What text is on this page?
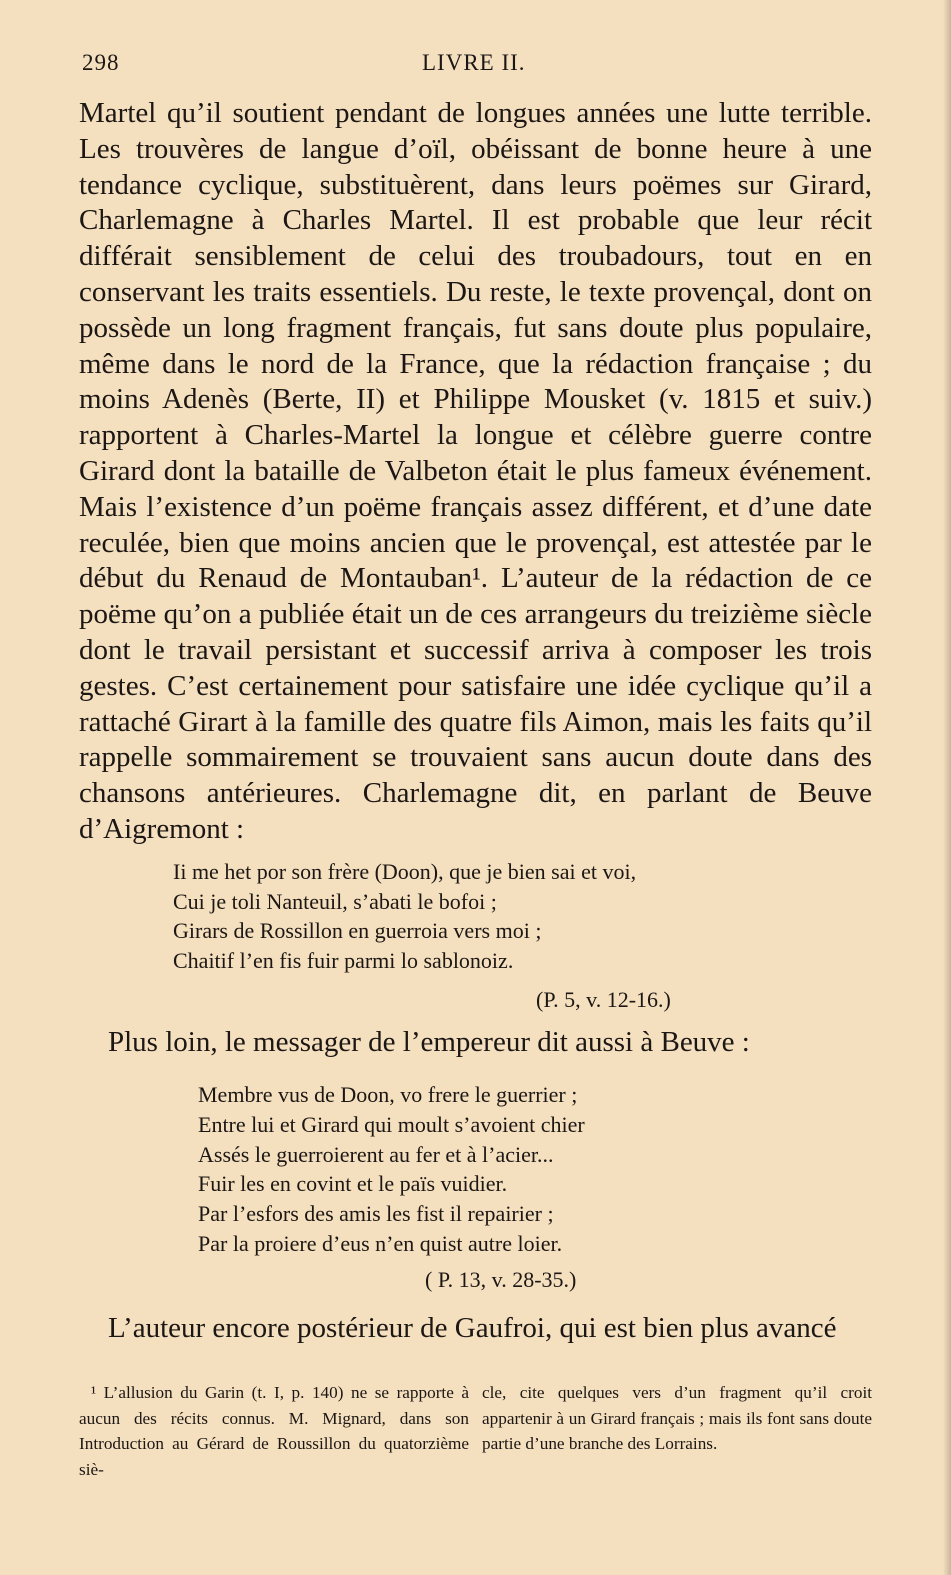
298	LIVRE II.

Martel qu’il soutient pendant de longues années une lutte terrible. Les trouvères de langue d’oïl, obéissant de bonne heure à une tendance cyclique, substituèrent, dans leurs poëmes sur Girard, Charlemagne à Charles Martel. Il est probable que leur récit différait sensiblement de celui des troubadours, tout en en conservant les traits essentiels. Du reste, le texte provençal, dont on possède un long fragment français, fut sans doute plus populaire, même dans le nord de la France, que la rédaction française ; du moins Adenès (Berte, II) et Philippe Mousket (v. 1815 et suiv.) rapportent à Charles-Martel la longue et célèbre guerre contre Girard dont la bataille de Valbeton était le plus fameux événement. Mais l’existence d’un poëme français assez différent, et d’une date reculée, bien que moins ancien que le provençal, est attestée par le début du Renaud de Montauban¹. L’auteur de la rédaction de ce poëme qu’on a publiée était un de ces arrangeurs du treizième siècle dont le travail persistant et successif arriva à composer les trois gestes. C’est certainement pour satisfaire une idée cyclique qu’il a rattaché Girart à la famille des quatre fils Aimon, mais les faits qu’il rappelle sommairement se trouvaient sans aucun doute dans des chansons antérieures. Charlemagne dit, en parlant de Beuve d’Aigremont :

Ii me het por son frère (Doon), que je bien sai et voi,
Cui je toli Nanteuil, s’abati le bofoi ;
Girars de Rossillon en guerroia vers moi ;
Chaitif l’en fis fuir parmi lo sablonoiz.
(P. 5, v. 12-16.)
Plus loin, le messager de l’empereur dit aussi à Beuve :
Membre vus de Doon, vo frere le guerrier ;
Entre lui et Girard qui moult s’avoient chier
Assés le guerroierent au fer et à l’acier...
Fuir les en covint et le païs vuidier.
Par l’esfors des amis les fist il repairier ;
Par la proiere d’eus n’en quist autre loier.
( P. 13, v. 28-35.)
L’auteur encore postérieur de Gaufroi, qui est bien plus avancé

¹ L’allusion du Garin (t. I, p. 140) ne se rapporte à aucun des récits connus. M. Mignard, dans son Introduction au Gérard de Roussillon du quatorzième siè-

cle, cite quelques vers d’un fragment qu’il croit appartenir à un Girard français ; mais ils font sans doute partie d’une branche des Lorrains.
